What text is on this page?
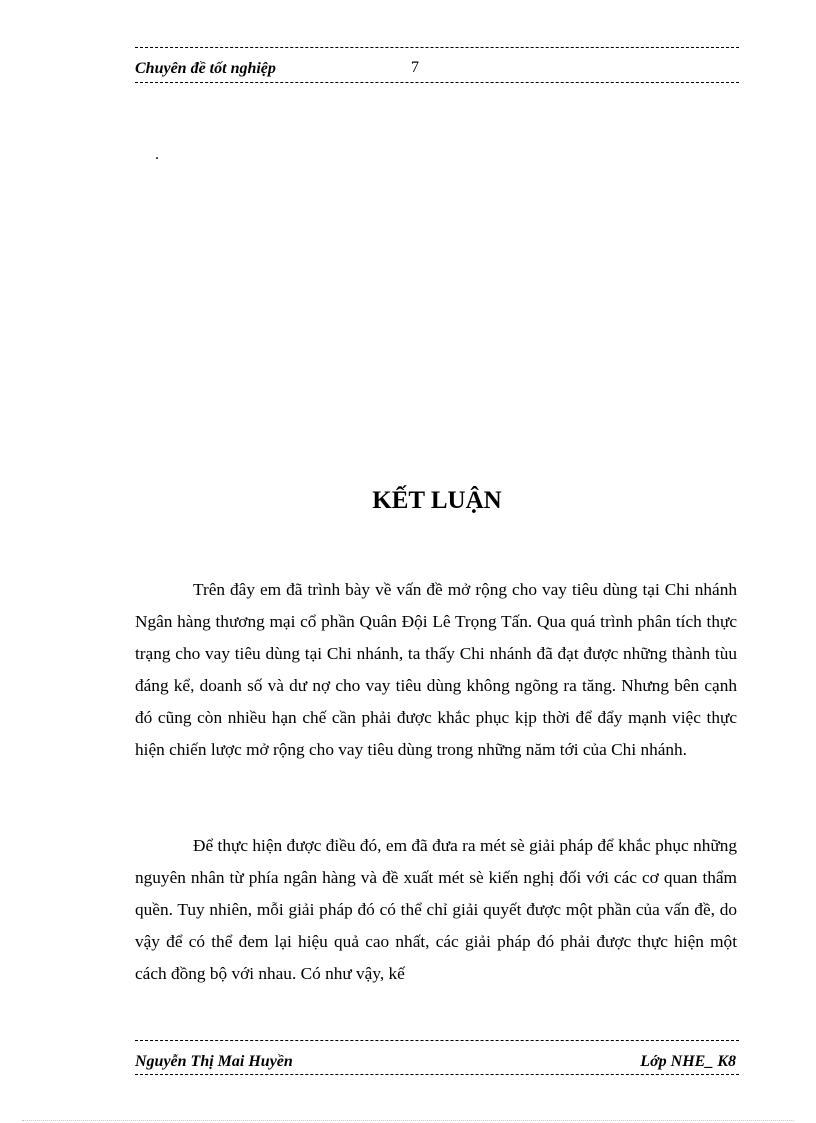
Chuyên đề tốt nghiệp	7
.
KẾT LUẬN

Trên đây em đã trình bày về vấn đề mở rộng cho vay tiêu dùng tại Chi nhánh Ngân hàng thương mại cổ phần Quân Đội Lê Trọng Tấn. Qua quá trình phân tích thực trạng cho vay tiêu dùng tại Chi nhánh, ta thấy Chi nhánh đã đạt được những thành tùu đáng kể, doanh số và dư nợ cho vay tiêu dùng không ngõng ra tăng. Nhưng bên cạnh đó cũng còn nhiều hạn chế cần phải được khắc phục kịp thời để đẩy mạnh việc thực hiện chiến lược mở rộng cho vay tiêu dùng trong những năm tới của Chi nhánh.

Để thực hiện được điều đó, em đã đưa ra mét sè giải pháp để khắc phục những nguyên nhân từ phía ngân hàng và đề xuất mét sè kiến nghị đối với các cơ quan thẩm quền. Tuy nhiên, mỗi giải pháp đó có thể chỉ giải quyết được một phần của vấn đề, do vậy để có thể đem lại hiệu quả cao nhất, các giải pháp đó phải được thực hiện một cách đồng bộ với nhau. Có như vậy, kế

Nguyễn Thị Mai Huyền	Lớp NHE_ K8
